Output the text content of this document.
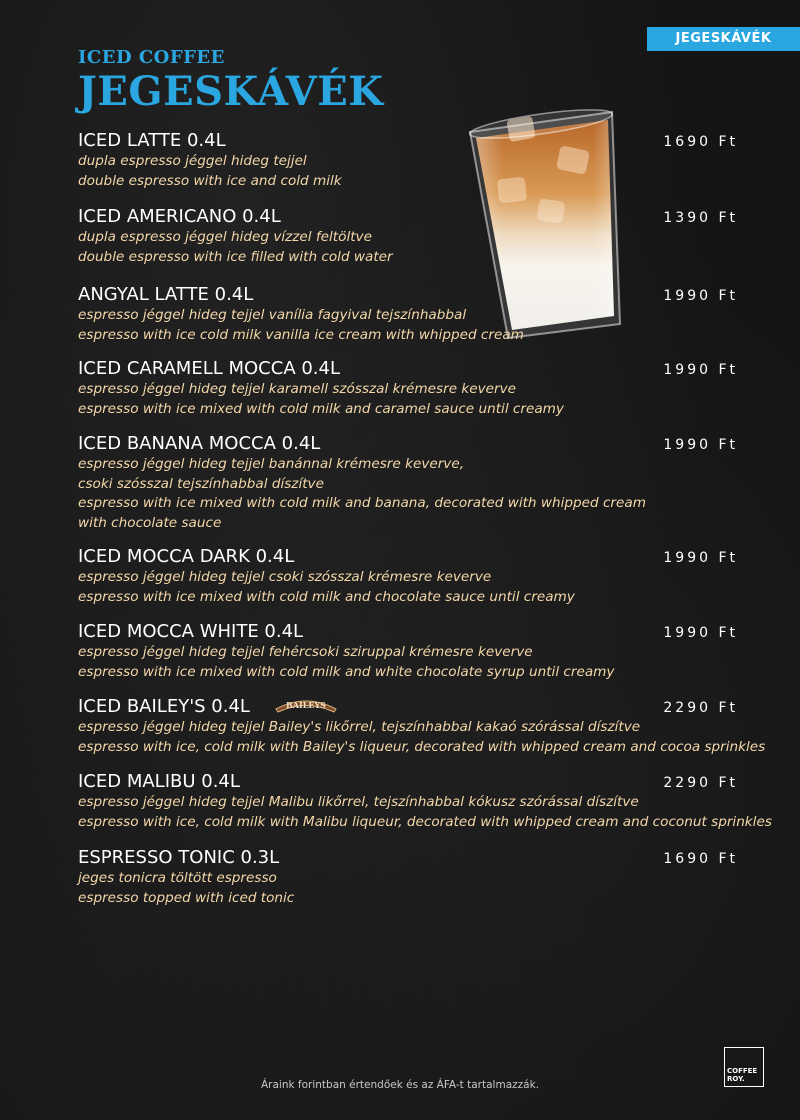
JEGESKÁVÉK
ICED COFFEE
JEGESKÁVÉK
ICED LATTE 0.4L
dupla espresso jéggel hideg tejjel
double espresso with ice and cold milk
1690 Ft
ICED AMERICANO 0.4L
dupla espresso jéggel hideg vízzel feltöltve
double espresso with ice filled with cold water
1390 Ft
ANGYAL LATTE 0.4L
espresso jéggel hideg tejjel vanília fagyival tejszínhabbal
espresso with ice cold milk vanilla ice cream with whipped cream
1990 Ft
ICED CARAMELL MOCCA 0.4L
espresso jéggel hideg tejjel karamell szósszal krémesre keverve
espresso with ice mixed with cold milk and caramel sauce until creamy
1990 Ft
ICED BANANA MOCCA 0.4L
espresso jéggel hideg tejjel banánnal krémesre keverve,
csoki szósszal tejszínhabbal díszítve
espresso with ice mixed with cold milk and banana, decorated with whipped cream
with chocolate sauce
1990 Ft
ICED MOCCA DARK 0.4L
espresso jéggel hideg tejjel csoki szósszal krémesre keverve
espresso with ice mixed with cold milk and chocolate sauce until creamy
1990 Ft
ICED MOCCA WHITE 0.4L
espresso jéggel hideg tejjel fehércsoki sziruppal krémesre keverve
espresso with ice mixed with cold milk and white chocolate syrup until creamy
1990 Ft
ICED BAILEY'S 0.4L	BAILEYS
espresso jéggel hideg tejjel Bailey's likőrrel, tejszínhabbal kakaó szórással díszítve
espresso with ice, cold milk with Bailey's liqueur, decorated with whipped cream and cocoa sprinkles
2290 Ft
ICED MALIBU 0.4L
espresso jéggel hideg tejjel Malibu likőrrel, tejszínhabbal kókusz szórással díszítve
espresso with ice, cold milk with Malibu liqueur, decorated with whipped cream and coconut sprinkles
2290 Ft
ESPRESSO TONIC 0.3L
jeges tonicra töltött espresso
espresso topped with iced tonic
1690 Ft
COFFEE
ROY.
Áraink forintban értendőek és az ÁFA-t tartalmazzák.
